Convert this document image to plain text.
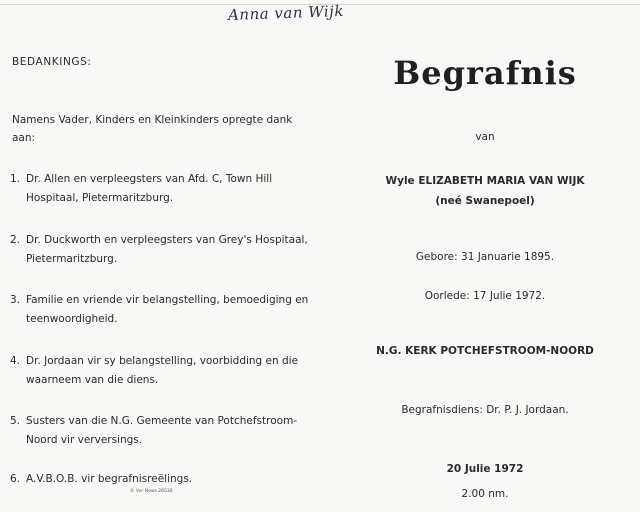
Anna van Wijk
BEDANKINGS:
Namens Vader, Kinders en Kleinkinders opregte dank aan:
1. Dr. Allen en verpleegsters van Afd. C, Town Hill Hospitaal, Pietermaritzburg.
2. Dr. Duckworth en verpleegsters van Grey's Hospitaal, Pietermaritzburg.
3. Familie en vriende vir belangstelling, bemoediging en teenwoordigheid.
4. Dr. Jordaan vir sy belangstelling, voorbidding en die waarneem van die diens.
5. Susters van die N.G. Gemeente van Potchefstroom-Noord vir verversings.
6. A.V.B.O.B. vir begrafnisreëlings.
© Ver News 26530
Begrafnis
van
Wyle ELIZABETH MARIA VAN WIJK
(neé Swanepoel)
Gebore: 31 Januarie 1895.
Oorlede: 17 Julie 1972.
N.G. KERK POTCHEFSTROOM-NOORD
Begrafnisdiens: Dr. P. J. Jordaan.
20 Julie 1972
2.00 nm.
